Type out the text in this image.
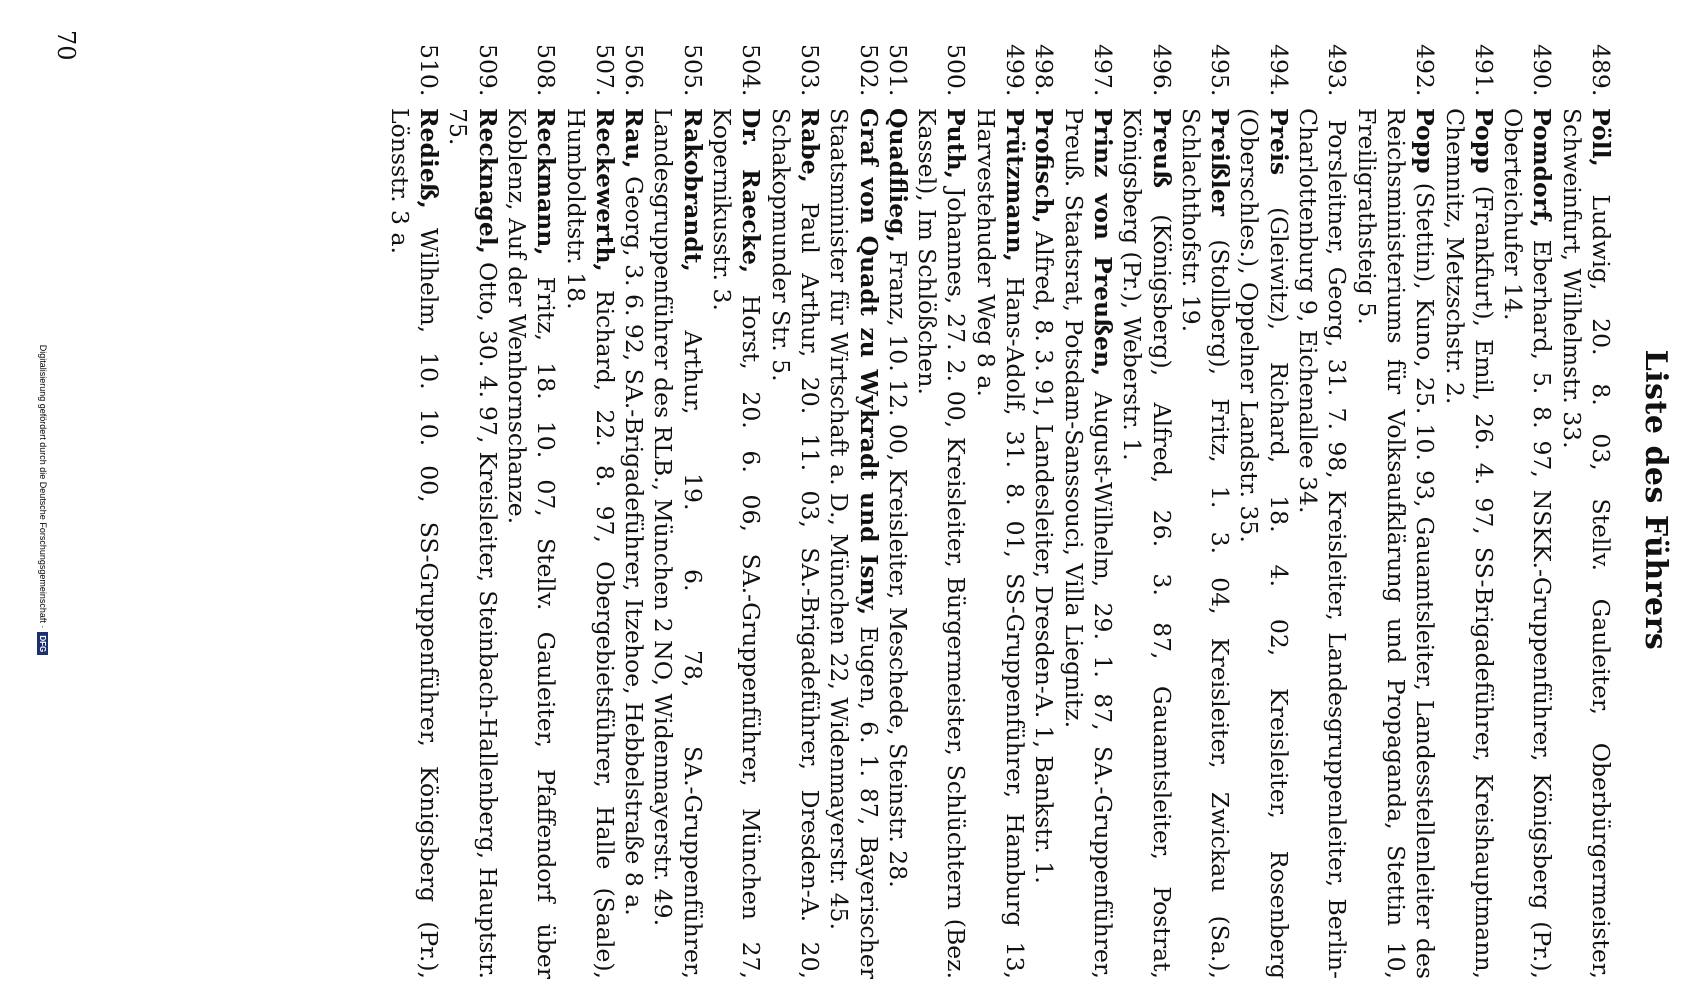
Liste des Führers

489.Pöll, Ludwig, 20. 8. 03, Stellv. Gauleiter, Oberbürgermeister, Schweinfurt, Wilhelmstr. 33.

490.Pomdorf, Eberhard, 5. 8. 97, NSKK.-Gruppenführer, Königsberg (Pr.), Oberteichufer 14.

491.Popp (Frankfurt), Emil, 26. 4. 97, SS-Brigadeführer, Kreishauptmann, Chemnitz, Metzschstr. 2.

492.Popp (Stettin), Kuno, 25. 10. 93, Gauamtsleiter, Landesstellenleiter des Reichsministeriums für Volksaufklärung und Propaganda, Stettin 10, Freiligrathsteig 5.

493. Porsleitner, Georg, 31. 7. 98, Kreisleiter, Landesgruppenleiter, Berlin-Charlottenburg 9, Eichenallee 34.

494.Preis (Gleiwitz), Richard, 18. 4. 02, Kreisleiter, Rosenberg (Oberschles.), Oppelner Landstr. 35.

495.Preißler (Stollberg), Fritz, 1. 3. 04, Kreisleiter, Zwickau (Sa.), Schlachthofstr. 19.

496.Preuß (Königsberg), Alfred, 26. 3. 87, Gauamtsleiter, Postrat, Königsberg (Pr.), Weberstr. 1.

497.Prinz von Preußen, August-Wilhelm, 29. 1. 87, SA.-Gruppenführer, Preuß. Staatsrat, Potsdam-Sanssouci, Villa Liegnitz.

498.Profisch, Alfred, 8. 3. 91, Landesleiter, Dresden-A. 1, Bankstr. 1.

499.Prützmann, Hans-Adolf, 31. 8. 01, SS-Gruppenführer, Hamburg 13, Harvestehuder Weg 8 a.

500.Puth, Johannes, 27. 2. 00, Kreisleiter, Bürgermeister, Schlüchtern (Bez. Kassel), Im Schlößchen.

501.Quadflieg, Franz, 10. 12. 00, Kreisleiter, Meschede, Steinstr. 28.

502.Graf von Quadt zu Wykradt und Isny, Eugen, 6. 1. 87, Bayerischer Staatsminister für Wirtschaft a. D., München 22, Widenmayerstr. 45.

503.Rabe, Paul Arthur, 20. 11. 03, SA.-Brigadeführer, Dresden-A. 20, Schakopmunder Str. 5.

504.Dr. Raecke, Horst, 20. 6. 06, SA.-Gruppenführer, München 27, Kopernikusstr. 3.

505.Rakobrandt, Arthur, 19. 6. 78, SA.-Gruppenführer, Landesgruppenführer des RLB., München 2 NO, Widenmayerstr. 49.

506.Rau, Georg, 3. 6. 92, SA.-Brigadeführer, Itzehoe, Hebbelstraße 8 a.

507.Reckewerth, Richard, 22. 8. 97, Obergebietsführer, Halle (Saale), Humboldtstr. 18.

508.Reckmann, Fritz, 18. 10. 07, Stellv. Gauleiter, Pfaffendorf über Koblenz, Auf der Wenhornschanze.

509.Recknagel, Otto, 30. 4. 97, Kreisleiter, Steinbach-Hallenberg, Hauptstr. 75.

510.Redieß, Wilhelm, 10. 10. 00, SS-Gruppenführer, Königsberg (Pr.), Lönsstr. 3 a.

70
Digitalisierung gefördert durch die Deutsche Forschungsgemeinschaft ·DFG
